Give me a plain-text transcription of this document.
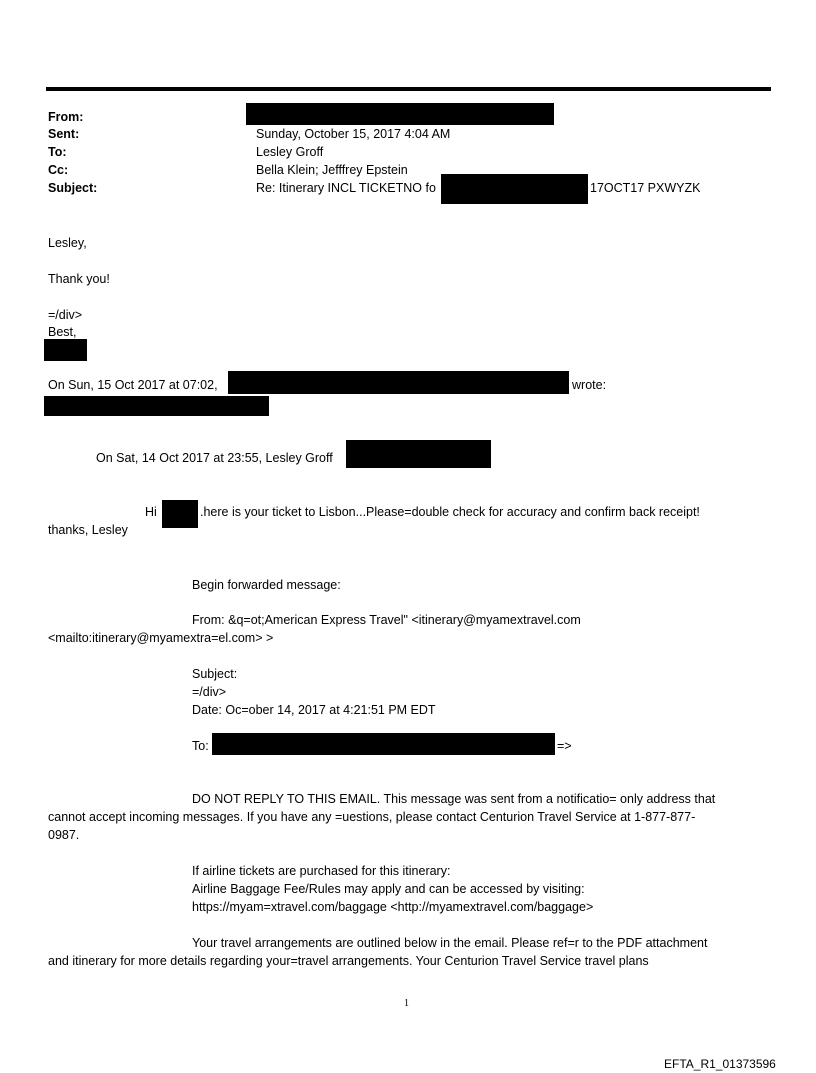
From:
Sent:	Sunday, October 15, 2017 4:04 AM
To:	Lesley Groff
Cc:	Bella Klein; Jefffrey Epstein
Subject:	Re: Itinerary INCL TICKETNO fo	17OCT17 PXWYZK
Lesley,
Thank you!
=/div>
Best,
On Sun, 15 Oct 2017 at 07:02,	wrote:
On Sat, 14 Oct 2017 at 23:55, Lesley Groff
Hi	.here is your ticket to Lisbon...Please=double check for accuracy and confirm back receipt!
thanks, Lesley
Begin forwarded message:
From: &q=ot;American Express Travel" <itinerary@myamextravel.com
<mailto:itinerary@myamextra=el.com> >
Subject:
=/div>
Date: Oc=ober 14, 2017 at 4:21:51 PM EDT
To:	=>
DO NOT REPLY TO THIS EMAIL. This message was sent from a notificatio= only address that
cannot accept incoming messages. If you have any =uestions, please contact Centurion Travel Service at 1-877-877-
0987.
If airline tickets are purchased for this itinerary:
Airline Baggage Fee/Rules may apply and can be accessed by visiting:
https://myam=xtravel.com/baggage <http://myamextravel.com/baggage>
Your travel arrangements are outlined below in the email. Please ref=r to the PDF attachment
and itinerary for more details regarding your=travel arrangements. Your Centurion Travel Service travel plans
1
EFTA_R1_01373596
